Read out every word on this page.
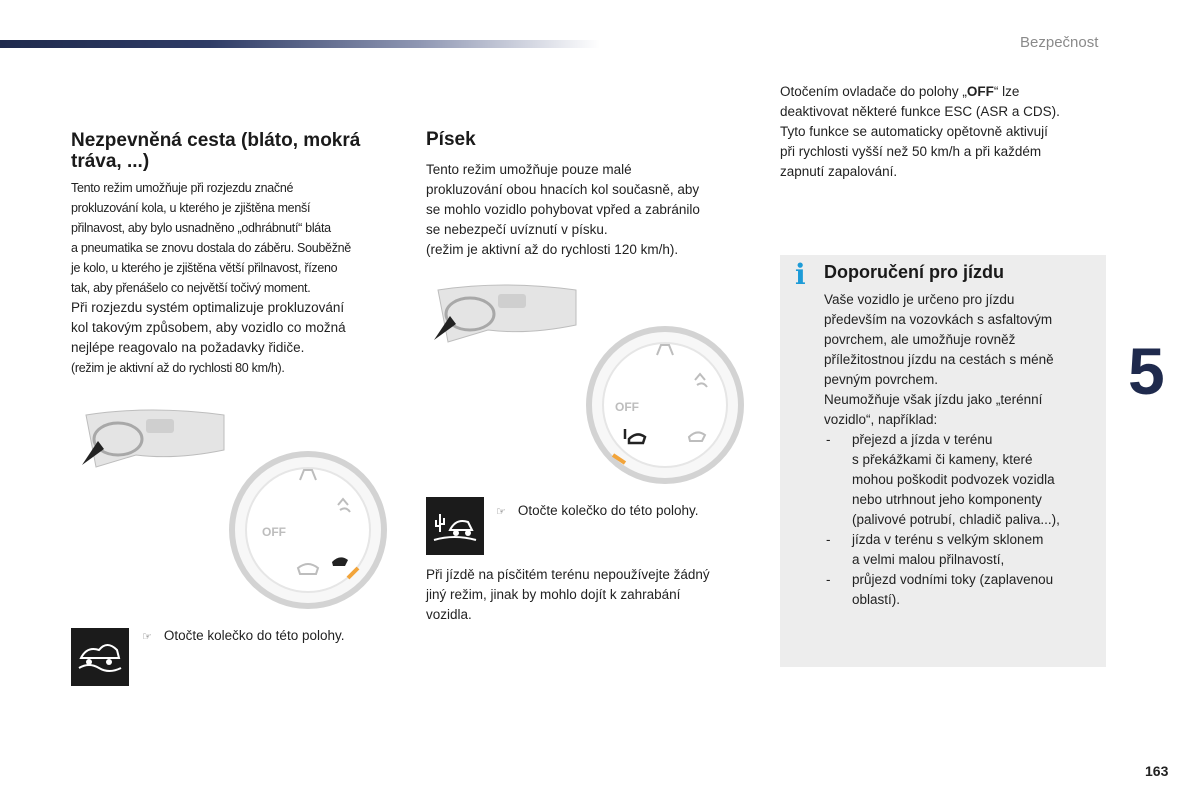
Bezpečnost
5
163
Nezpevněná cesta (bláto, mokrá tráva, ...)

Tento režim umožňuje při rozjezdu značné

prokluzování kola, u kterého je zjištěna menší

přilnavost, aby bylo usnadněno „odhrábnutí“ bláta

a pneumatika se znovu dostala do záběru. Souběžně

je kolo, u kterého je zjištěna větší přilnavost, řízeno

tak, aby přenášelo co největší točivý moment.

Při rozjezdu systém optimalizuje prokluzování

kol takovým způsobem, aby vozidlo co možná

nejlépe reagovalo na požadavky řidiče.

(režim je aktivní až do rychlosti 80 km/h).

OFF
☞ Otočte kolečko do této polohy.
Písek

Tento režim umožňuje pouze malé

prokluzování obou hnacích kol současně, aby

se mohlo vozidlo pohybovat vpřed a zabránilo

se nebezpečí uvíznutí v písku.

(režim je aktivní až do rychlosti 120 km/h).

OFF
☞ Otočte kolečko do této polohy.

Při jízdě na písčitém terénu nepoužívejte žádný

jiný režim, jinak by mohlo dojít k zahrabání

vozidla.

Otočením ovladače do polohy „OFF“ lze

deaktivovat některé funkce ESC (ASR a CDS).

Tyto funkce se automaticky opětovně aktivují

při rychlosti vyšší než 50 km/h a při každém

zapnutí zapalování.

i Doporučení pro jízdu

Vaše vozidlo je určeno pro jízdu

především na vozovkách s asfaltovým

povrchem, ale umožňuje rovněž

příležitostnou jízdu na cestách s méně

pevným povrchem.

Neumožňuje však jízdu jako „terénní

vozidlo“, například:

- přejezd a jízda v terénu
s překážkami či kameny, které
mohou poškodit podvozek vozidla
nebo utrhnout jeho komponenty
(palivové potrubí, chladič paliva...),
- jízda v terénu s velkým sklonem
a velmi malou přilnavostí,
- průjezd vodními toky (zaplavenou
oblastí).
